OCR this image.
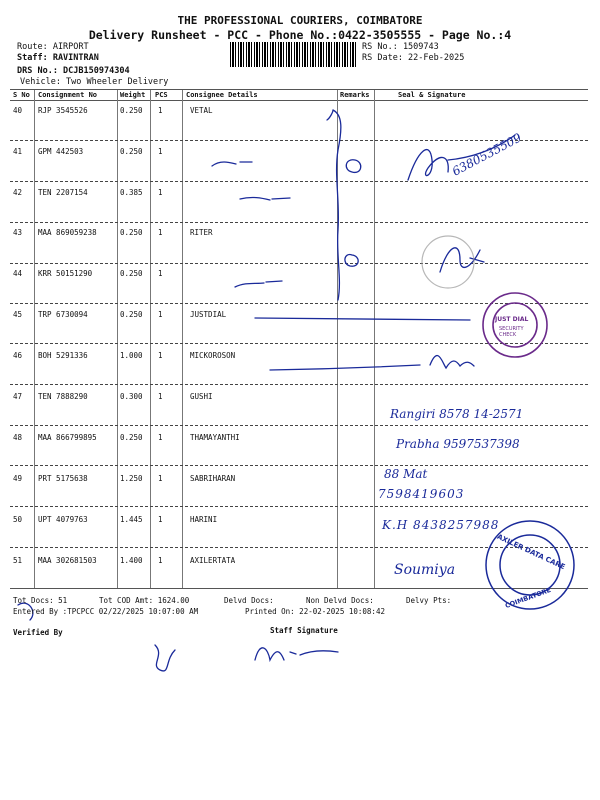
THE PROFESSIONAL COURIERS, COIMBATORE
Delivery Runsheet - PCC - Phone No.:0422-3505555 - Page No.:4
Route: AIRPORT
Staff: RAVINTRAN
DRS No.: DCJB150974304
Vehicle: Two Wheeler Delivery
RS No.: 1509743
RS Date: 22-Feb-2025
S No Consignment No	Weight PCS	Consignee Details	Remarks	Seal & Signature
40 RJP 3545526	0.250 1	VETAL
41 GPM 442503	0.250 1
42 TEN 2207154	0.385 1
43 MAA 869059238	0.250 1	RITER
44 KRR 50151290	0.250 1
45 TRP 6730094	0.250 1	JUSTDIAL
46 BOH 5291336	1.000 1	MICKOROSON
47 TEN 7888290	0.300 1	GUSHI
48 MAA 866799895	0.250 1	THAMAYANTHI
49 PRT 5175638	1.250 1	SABRIHARAN
50 UPT 4079763	1.445 1	HARINI
51 MAA 302681503	1.400 1	AXILERTATA
Rangiri 8578 14-2571
6380535509
JUST DIAL
SECURITY CHECK
AXILER DATA CARE
COIMBATORE
Prabha 9597537398
88 Mat
7598419603
K.H 8438257988
Soumiya
Tot Docs: 51	Tot COD Amt: 1624.00	Delvd Docs:	Non Delvd Docs:	Delvy Pts:
Entered By :TPCPCC 02/22/2025 10:07:00 AM	Printed On: 22-02-2025 10:08:42
Verified By	Staff Signature
